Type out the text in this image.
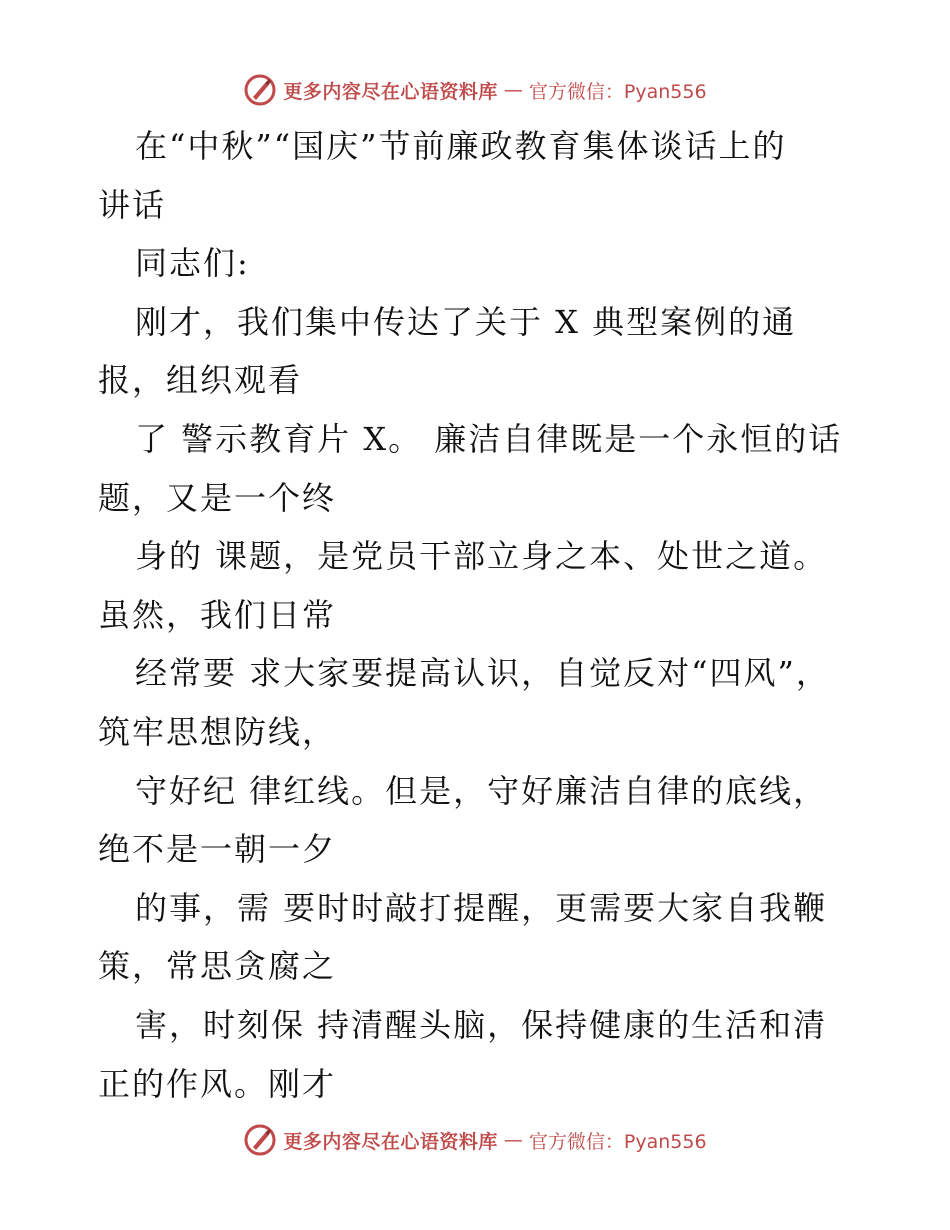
更多内容尽在心语资料库 — 官方微信：Pyan556
在“中秋”“国庆”节前廉政教育集体谈话上的
讲话
同志们:
刚才，我们集中传达了关于 X 典型案例的通
报，组织观看
了 警示教育片 X。 廉洁自律既是一个永恒的话
题，又是一个终
身的 课题，是党员干部立身之本、处世之道。
虽然，我们日常
经常要 求大家要提高认识，自觉反对“四风”，
筑牢思想防线，
守好纪 律红线。但是，守好廉洁自律的底线，
绝不是一朝一夕
的事，需 要时时敲打提醒，更需要大家自我鞭
策，常思贪腐之
害，时刻保 持清醒头脑，保持健康的生活和清
正的作风。刚才
更多内容尽在心语资料库 — 官方微信：Pyan556
